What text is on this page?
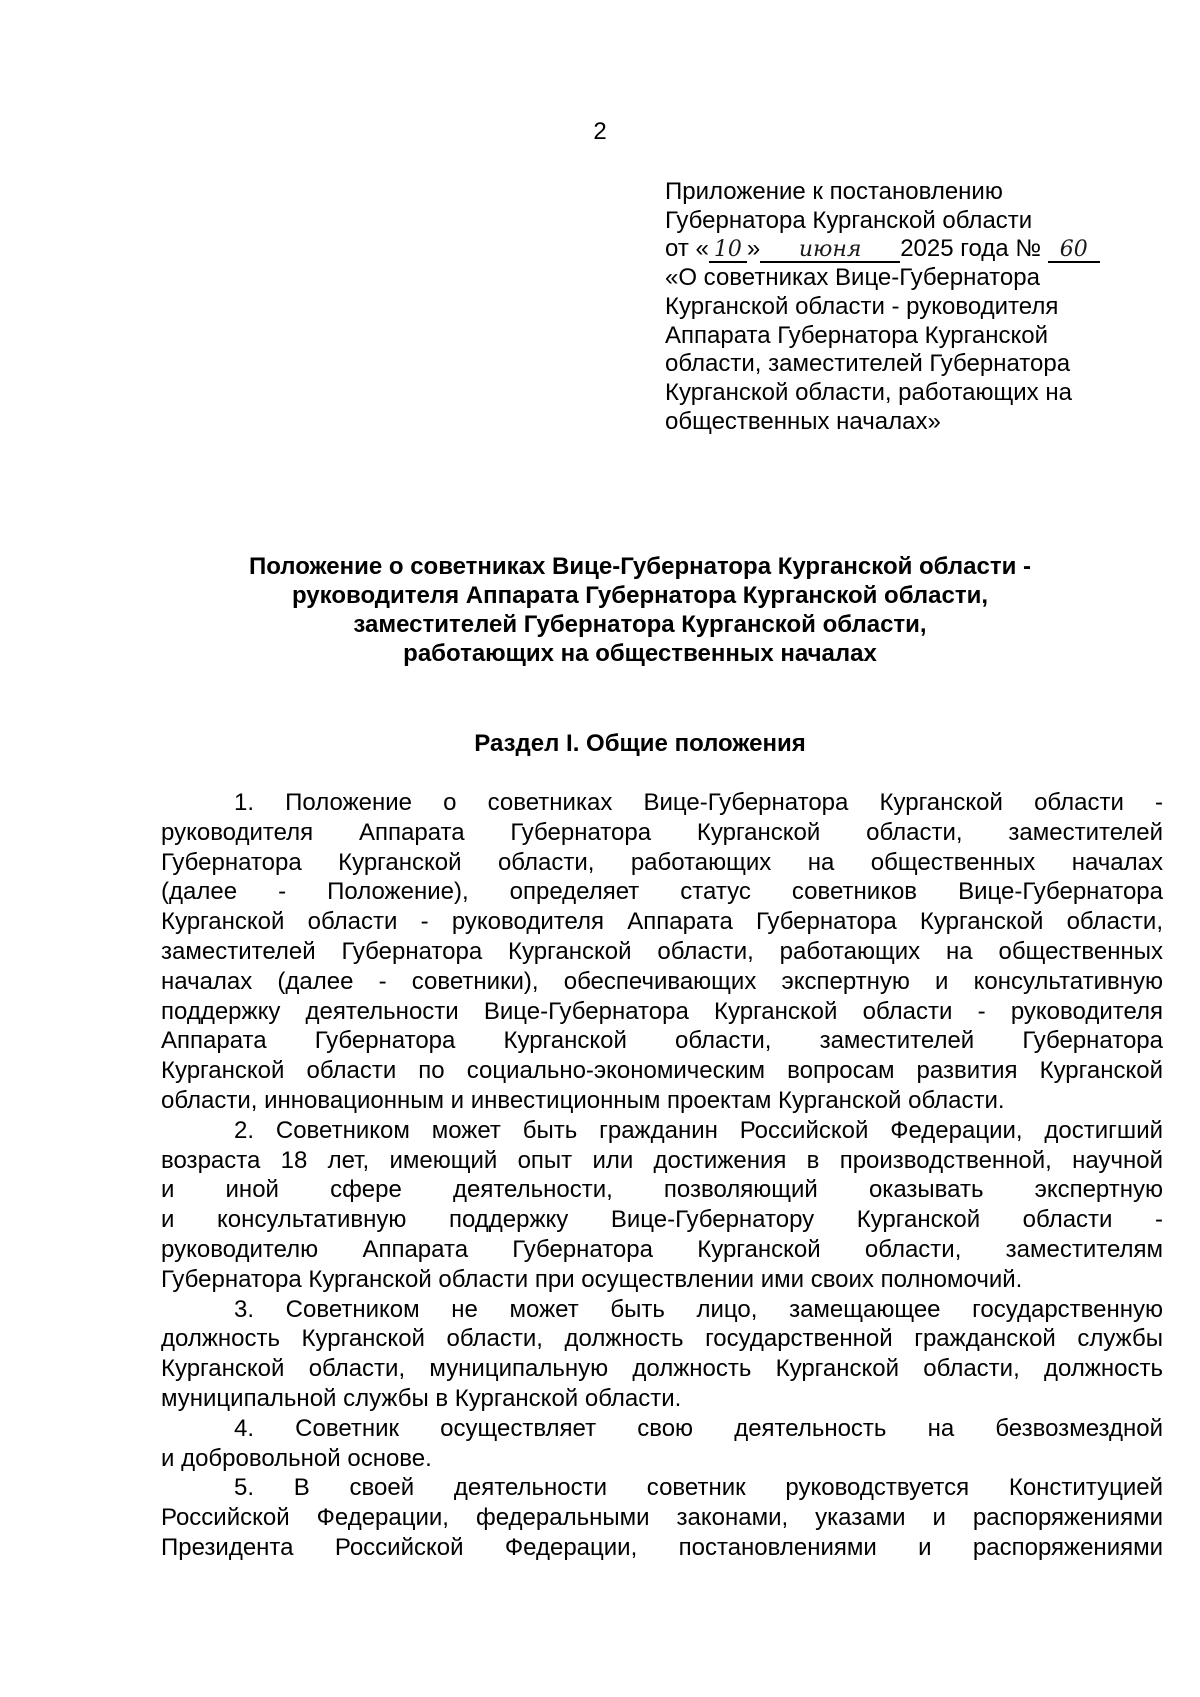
2
Приложение к постановлению
Губернатора Курганской области
от « 10 » июня 2025 года № 60
«О советниках Вице-Губернатора
Курганской области - руководителя
Аппарата Губернатора Курганской
области, заместителей Губернатора
Курганской области, работающих на
общественных началах»
Положение о советниках Вице-Губернатора Курганской области -
руководителя Аппарата Губернатора Курганской области,
заместителей Губернатора Курганской области,
работающих на общественных началах
Раздел I. Общие положения
1. Положение о советниках Вице-Губернатора Курганской области -
руководителя Аппарата Губернатора Курганской области, заместителей
Губернатора Курганской области, работающих на общественных началах
(далее - Положение), определяет статус советников Вице-Губернатора
Курганской области - руководителя Аппарата Губернатора Курганской области,
заместителей Губернатора Курганской области, работающих на общественных
началах (далее - советники), обеспечивающих экспертную и консультативную
поддержку деятельности Вице-Губернатора Курганской области - руководителя
Аппарата Губернатора Курганской области, заместителей Губернатора
Курганской области по социально-экономическим вопросам развития Курганской
области, инновационным и инвестиционным проектам Курганской области.
2. Советником может быть гражданин Российской Федерации, достигший
возраста 18 лет, имеющий опыт или достижения в производственной, научной
и иной сфере деятельности, позволяющий оказывать экспертную
и консультативную поддержку Вице-Губернатору Курганской области -
руководителю Аппарата Губернатора Курганской области, заместителям
Губернатора Курганской области при осуществлении ими своих полномочий.
3. Советником не может быть лицо, замещающее государственную
должность Курганской области, должность государственной гражданской службы
Курганской области, муниципальную должность Курганской области, должность
муниципальной службы в Курганской области.
4. Советник осуществляет свою деятельность на безвозмездной
и добровольной основе.
5. В своей деятельности советник руководствуется Конституцией
Российской Федерации, федеральными законами, указами и распоряжениями
Президента Российской Федерации, постановлениями и распоряжениями
